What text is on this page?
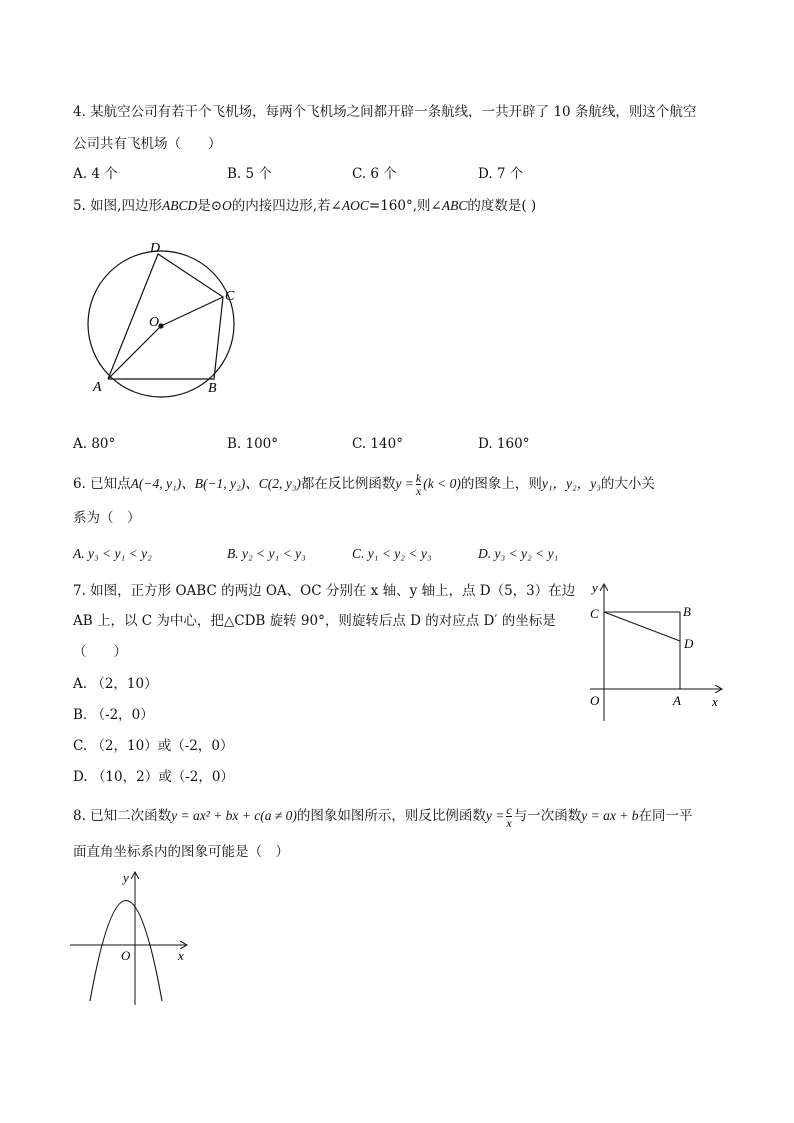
4. 某航空公司有若干个飞机场，每两个飞机场之间都开辟一条航线，一共开辟了 10 条航线，则这个航空
公司共有飞机场（　　）
A. 4 个	B. 5 个	C. 6 个	D. 7 个
5. 如图,四边形ABCD是⊙O的内接四边形,若∠AOC=160°,则∠ABC的度数是( )
D
C
O
A	B
A. 80°	B. 100°	C. 140°	D. 160°
6. 已知点A(−4, y₁)、B(−1, y₂)、C(2, y₃)都在反比例函数$y = \frac{k}{x} (k < 0)$的图象上，则y₁，y₂，y₃的大小关
系为（　）
A. y₃ < y₁ < y₂	B. y₂ < y₁ < y₃	C. y₁ < y₂ < y₃	D. y₃ < y₂ < y₁
7. 如图，正方形 OABC 的两边 OA、OC 分别在 x 轴、y 轴上，点 D（5，3）在边
AB 上，以 C 为中心，把△CDB 旋转 90°，则旋转后点 D 的对应点 D′ 的坐标是
（　　）
A. （2，10）
B. （-2，0）
C. （2，10）或（-2，0）
D. （10，2）或（-2，0）
y
x
C	B
D
O	A
8. 已知二次函数y = ax² + bx + c(a ≠ 0)的图象如图所示，则反比例函数$y = \frac{c}{x}$ 与一次函数y = ax + b在同一平
面直角坐标系内的图象可能是（　）
y
O	x
